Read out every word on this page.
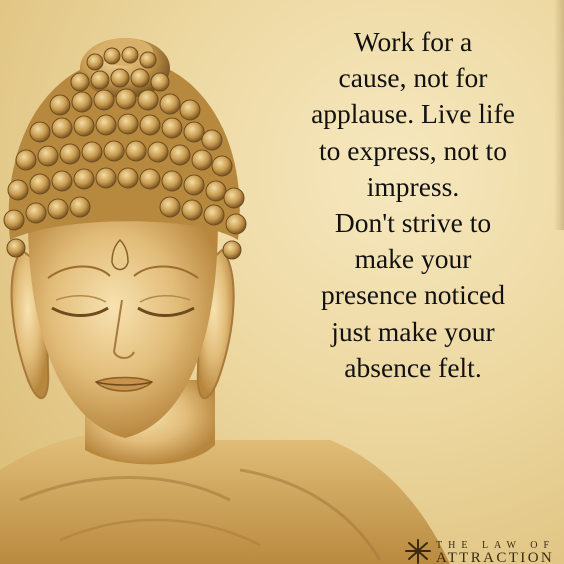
Work for a
cause, not for
applause. Live life
to express, not to
impress.
Don't strive to
make your
presence noticed
just make your
absence felt.
THE LAW OF
ATTRACTION
